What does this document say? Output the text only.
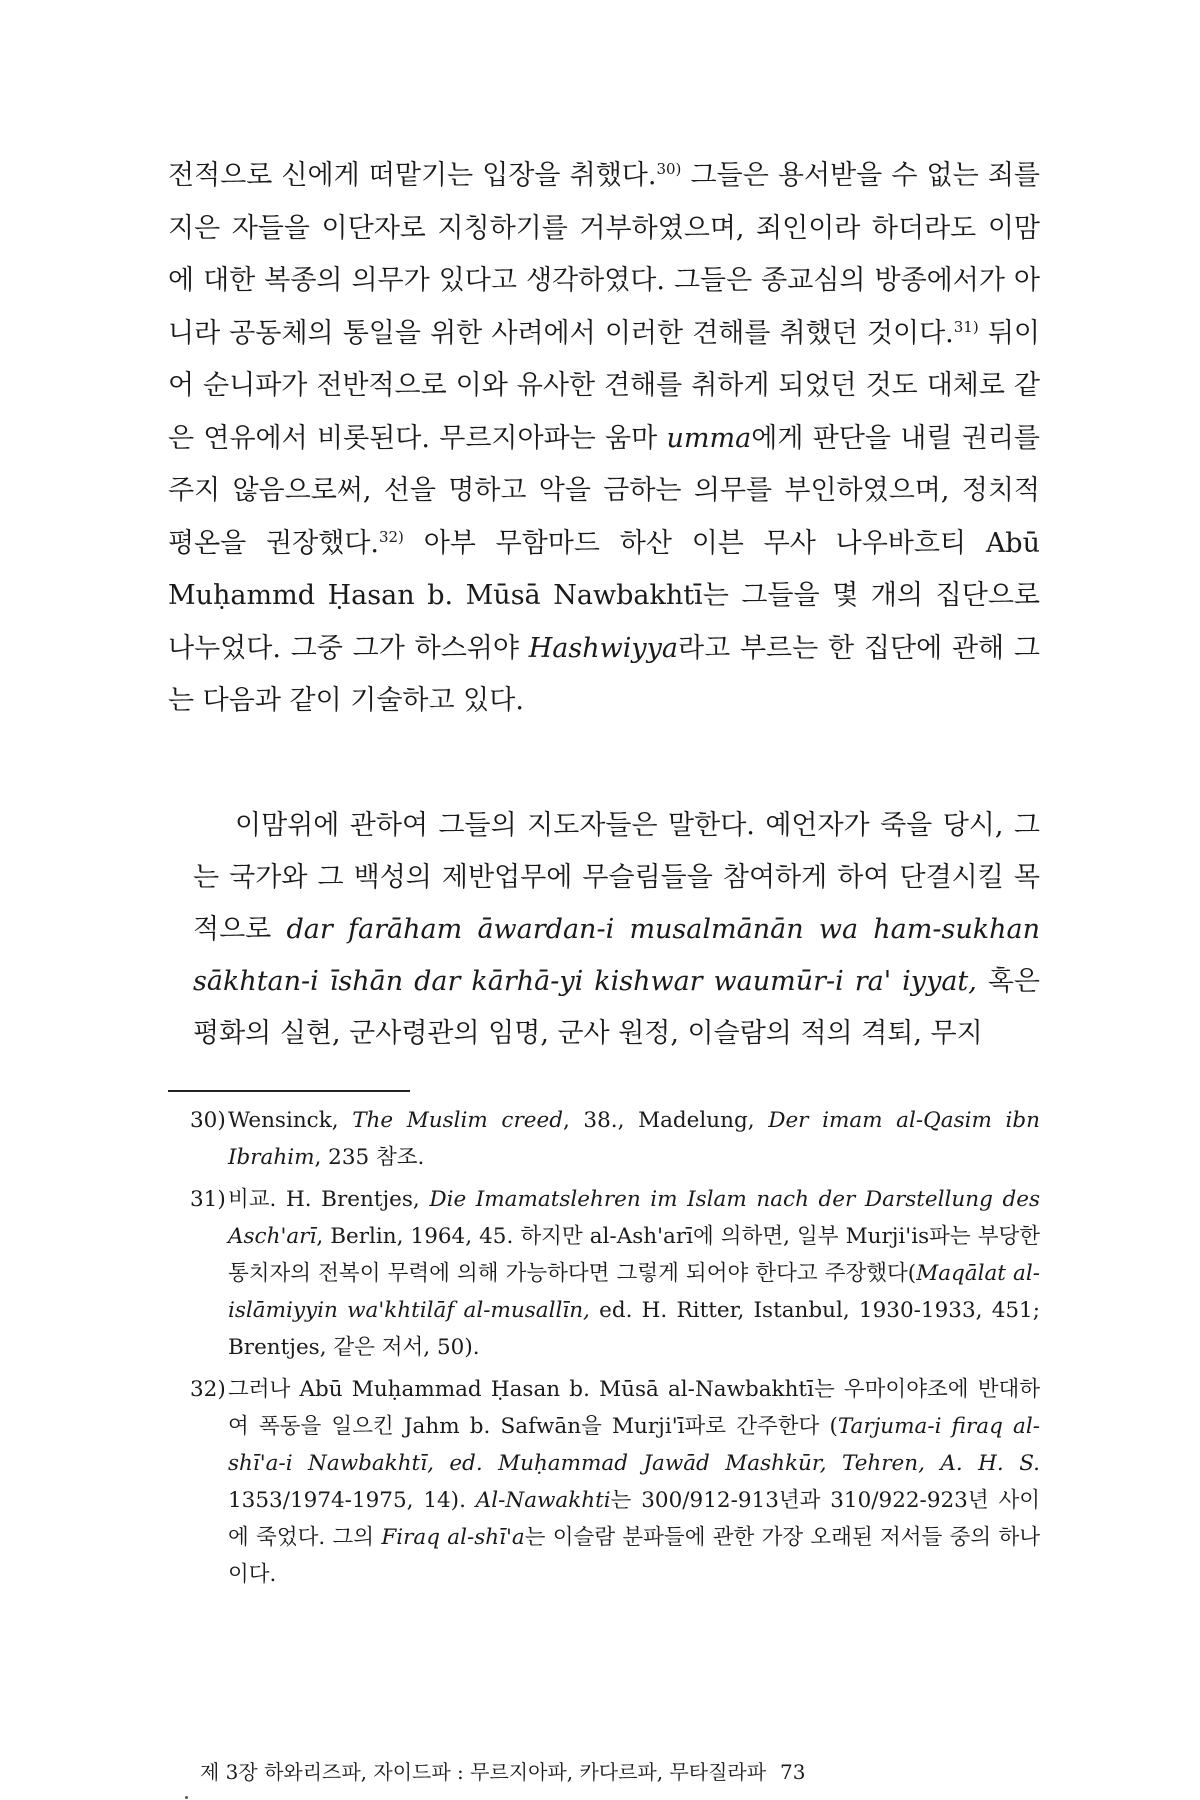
전적으로 신에게 떠맡기는 입장을 취했다.$^{30)}$ 그들은 용서받을 수 없는 죄를 지은 자들을 이단자로 지칭하기를 거부하였으며, 죄인이라 하더라도 이맘에 대한 복종의 의무가 있다고 생각하였다. 그들은 종교심의 방종에서가 아니라 공동체의 통일을 위한 사려에서 이러한 견해를 취했던 것이다.$^{31)}$ 뒤이어 순니파가 전반적으로 이와 유사한 견해를 취하게 되었던 것도 대체로 같은 연유에서 비롯된다. 무르지아파는 움마 umma에게 판단을 내릴 권리를 주지 않음으로써, 선을 명하고 악을 금하는 의무를 부인하였으며, 정치적 평온을 권장했다.$^{32)}$ 아부 무함마드 하산 이븐 무사 나우바흐티 Abū Muḥammd Ḥasan b. Mūsā Nawbakhtī는 그들을 몇 개의 집단으로 나누었다. 그중 그가 하스위야 Hashwiyya라고 부르는 한 집단에 관해 그는 다음과 같이 기술하고 있다.

이맘위에 관하여 그들의 지도자들은 말한다. 예언자가 죽을 당시, 그는 국가와 그 백성의 제반업무에 무슬림들을 참여하게 하여 단결시킬 목적으로 dar farāham āwardan-i musalmānān wa ham-sukhan sākhtan-i īshān dar kārhā-yi kishwar waumūr-i ra' iyyat, 혹은 평화의 실현, 군사령관의 임명, 군사 원정, 이슬람의 적의 격퇴, 무지

30) Wensinck, The Muslim creed, 38., Madelung, Der imam al-Qasim ibn Ibrahim, 235 참조.

31) 비교. H. Brentjes, Die Imamatslehren im Islam nach der Darstellung des Asch'arī, Berlin, 1964, 45. 하지만 al-Ash'arī에 의하면, 일부 Murji'is파는 부당한 통치자의 전복이 무력에 의해 가능하다면 그렇게 되어야 한다고 주장했다(Maqālat al-islāmiyyin wa'khtilāf al-musallīn, ed. H. Ritter, Istanbul, 1930-1933, 451; Brentjes, 같은 저서, 50).

32) 그러나 Abū Muḥammad Ḥasan b. Mūsā al-Nawbakhtī는 우마이야조에 반대하여 폭동을 일으킨 Jahm b. Safwān을 Murji'ī파로 간주한다 (Tarjuma-i firaq al-shī'a-i Nawbakhtī, ed. Muḥammad Jawād Mashkūr, Tehren, A. H. S. 1353/1974-1975, 14). Al-Nawakhti는 300/912-913년과 310/922-923년 사이에 죽었다. 그의 Firaq al-shī'a는 이슬람 분파들에 관한 가장 오래된 저서들 중의 하나이다.

제 3장 하와리즈파, 자이드파 : 무르지아파, 카다르파, 무타질라파 73
